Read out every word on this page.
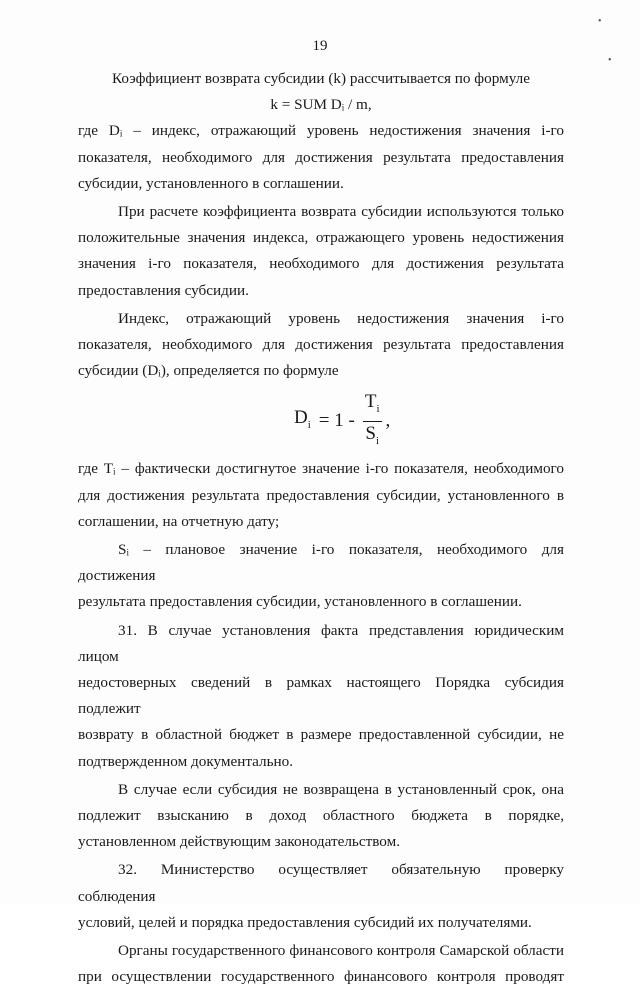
•
•
19

Коэффициент возврата субсидии (k) рассчитывается по формуле

k = SUM Dᵢ / m,

где Dᵢ – индекс, отражающий уровень недостижения значения i-го

показателя, необходимого для достижения результата предоставления

субсидии, установленного в соглашении.

При расчете коэффициента возврата субсидии используются только

положительные значения индекса, отражающего уровень недостижения

значения i-го показателя, необходимого для достижения результата

предоставления субсидии.

Индекс, отражающий уровень недостижения значения i-го

показателя, необходимого для достижения результата предоставления

субсидии (Dᵢ), определяется по формуле

$D_i = 1 - \frac{T_i}{S_i}$ ,

где Tᵢ – фактически достигнутое значение i-го показателя, необходимого

для достижения результата предоставления субсидии, установленного в

соглашении, на отчетную дату;

Sᵢ – плановое значение i-го показателя, необходимого для достижения

результата предоставления субсидии, установленного в соглашении.

31. В случае установления факта представления юридическим лицом

недостоверных сведений в рамках настоящего Порядка субсидия подлежит

возврату в областной бюджет в размере предоставленной субсидии, не

подтвержденном документально.

В случае если субсидия не возвращена в установленный срок, она

подлежит взысканию в доход областного бюджета в порядке,

установленном действующим законодательством.

32. Министерство осуществляет обязательную проверку соблюдения

условий, целей и порядка предоставления субсидий их получателями.

Органы государственного финансового контроля Самарской области

при осуществлении государственного финансового контроля проводят
